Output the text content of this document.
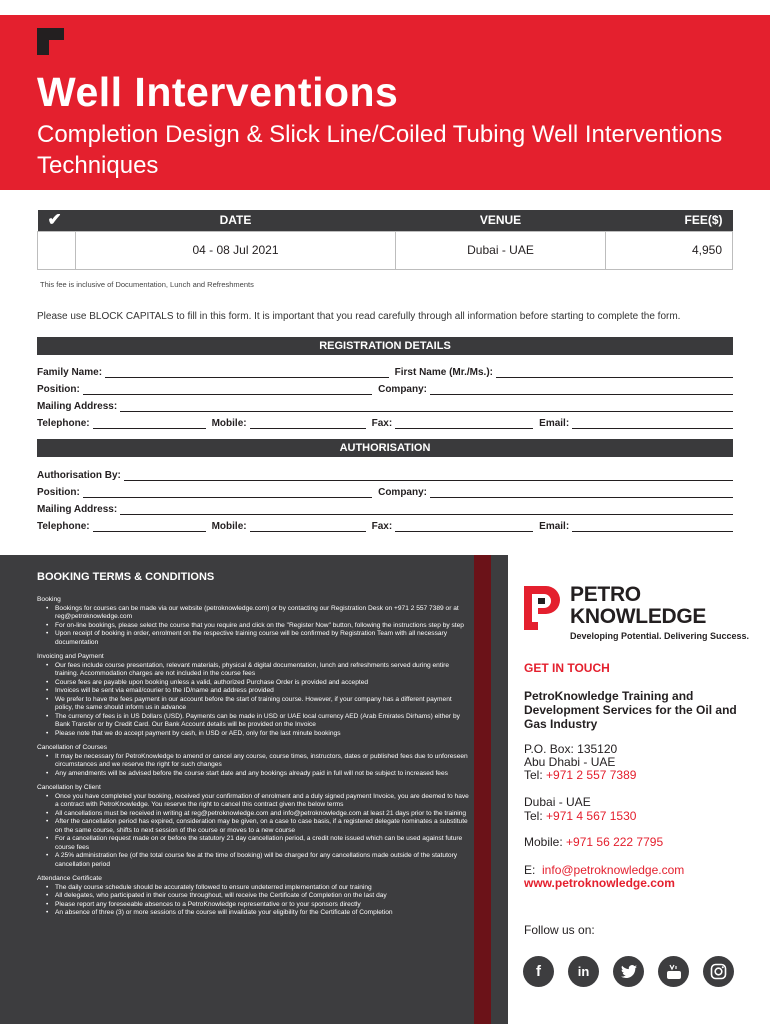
Well Interventions
Completion Design & Slick Line/Coiled Tubing Well Interventions Techniques
✔	DATE	VENUE	FEE($)
	04 - 08 Jul 2021	Dubai - UAE	4,950
This fee is inclusive of Documentation, Lunch and Refreshments
Please use BLOCK CAPITALS to fill in this form. It is important that you read carefully through all information before starting to complete the form.
REGISTRATION DETAILS
Family Name:	First Name (Mr./Ms.):
Position:	Company:
Mailing Address:
Telephone:	Mobile:	Fax:	Email:
AUTHORISATION
Authorisation By:
Position:	Company:
Mailing Address:
Telephone:	Mobile:	Fax:	Email:
BOOKING TERMS & CONDITIONS
Booking
• Bookings for courses can be made via our website (petroknowledge.com) or by contacting our Registration Desk on +971 2 557 7389 or at reg@petroknowledge.com
• For on-line bookings, please select the course that you require and click on the "Register Now" button, following the instructions step by step
• Upon receipt of booking in order, enrolment on the respective training course will be confirmed by Registration Team with all necessary documentation
Invoicing and Payment
• Our fees include course presentation, relevant materials, physical & digital documentation, lunch and refreshments served during entire training. Accommodation charges are not included in the course fees
• Course fees are payable upon booking unless a valid, authorized Purchase Order is provided and accepted
• Invoices will be sent via email/courier to the ID/name and address provided
• We prefer to have the fees payment in our account before the start of training course. However, if your company has a different payment policy, the same should inform us in advance
• The currency of fees is in US Dollars (USD). Payments can be made in USD or UAE local currency AED (Arab Emirates Dirhams) either by Bank Transfer or by Credit Card. Our Bank Account details will be provided on the Invoice
• Please note that we do accept payment by cash, in USD or AED, only for the last minute bookings
Cancellation of Courses
• It may be necessary for PetroKnowledge to amend or cancel any course, course times, instructors, dates or published fees due to unforeseen circumstances and we reserve the right for such changes
• Any amendments will be advised before the course start date and any bookings already paid in full will not be subject to increased fees
Cancellation by Client
• Once you have completed your booking, received your confirmation of enrolment and a duly signed payment Invoice, you are deemed to have a contract with PetroKnowledge. You reserve the right to cancel this contract given the below terms
• All cancellations must be received in writing at reg@petroknowledge.com and info@petroknowledge.com at least 21 days prior to the training
• After the cancellation period has expired, consideration may be given, on a case to case basis, if a registered delegate nominates a substitute on the same course, shifts to next session of the course or moves to a new course
• For a cancellation request made on or before the statutory 21 day cancellation period, a credit note issued which can be used against future course fees
• A 25% administration fee (of the total course fee at the time of booking) will be charged for any cancellations made outside of the statutory cancellation period
Attendance Certificate
• The daily course schedule should be accurately followed to ensure undeterred implementation of our training
• All delegates, who participated in their course throughout, will receive the Certificate of Completion on the last day
• Please report any foreseeable absences to a PetroKnowledge representative or to your sponsors directly
• An absence of three (3) or more sessions of the course will invalidate your eligibility for the Certificate of Completion
PETRO
KNOWLEDGE
Developing Potential. Delivering Success.
GET IN TOUCH
PetroKnowledge Training and Development Services for the Oil and Gas Industry
P.O. Box: 135120
Abu Dhabi - UAE
Tel: +971 2 557 7389
Dubai - UAE
Tel: +971 4 567 1530
Mobile: +971 56 222 7795
E: info@petroknowledge.com
www.petroknowledge.com
Follow us on:
f	in
